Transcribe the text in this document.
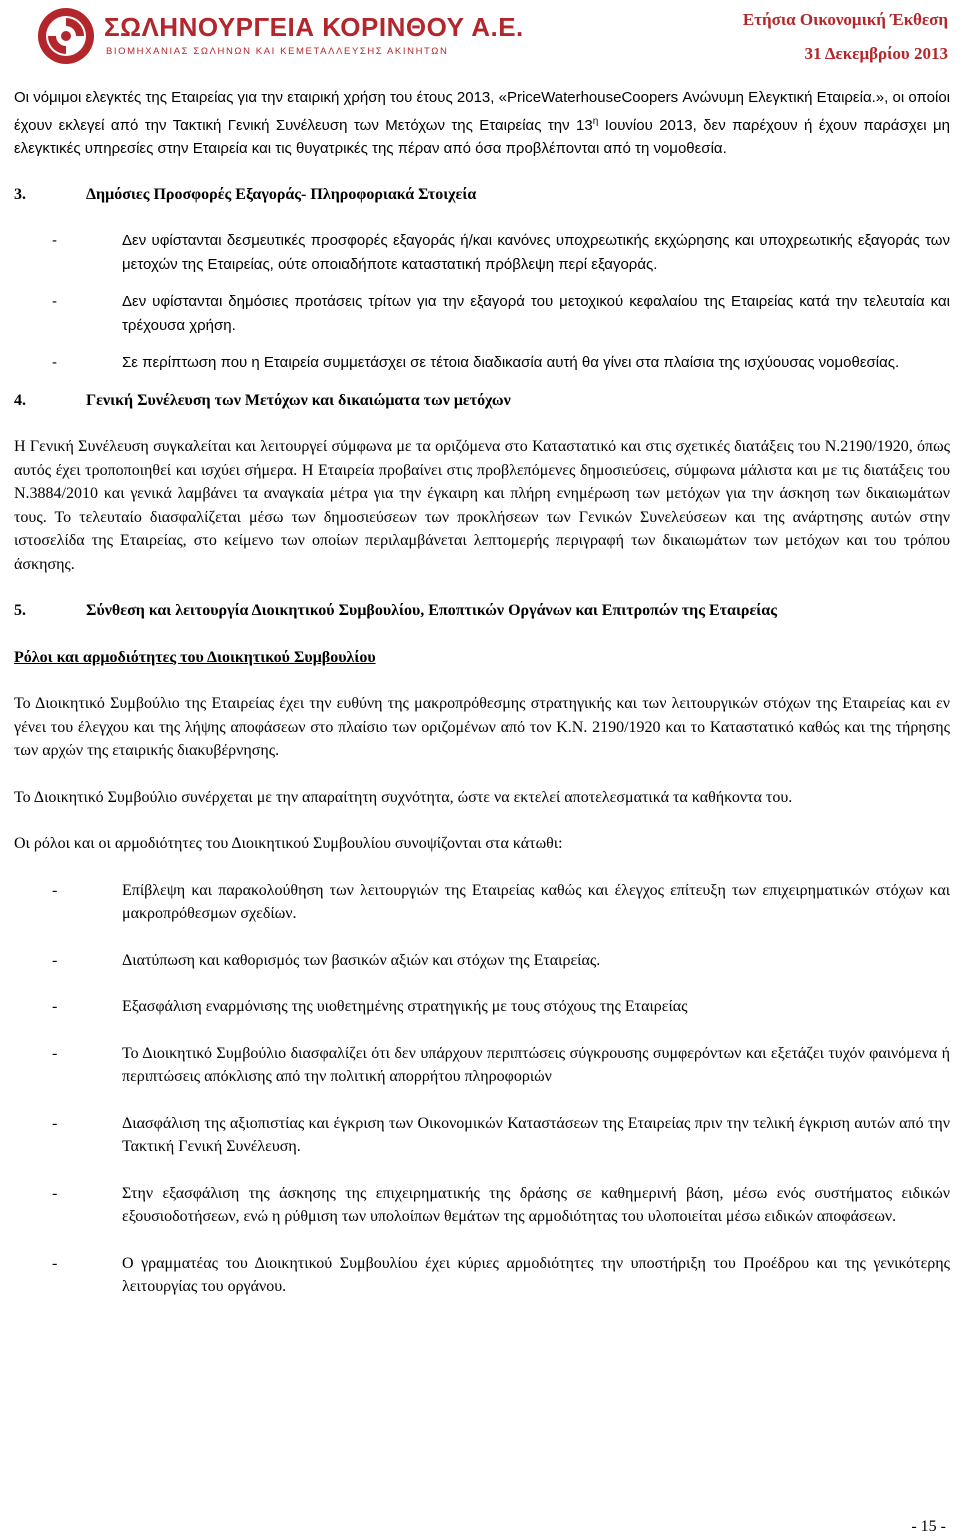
ΣΩΛΗΝΟΥΡΓΕΙΑ ΚΟΡΙΝΘΟΥ Α.Ε.
ΒΙΟΜΗΧΑΝΙΑΣ ΣΩΛΗΝΩΝ ΚΑΙ ΚΕΜΕΤΑΛΛΕΥΣΗΣ ΑΚΙΝΗΤΩΝ
Ετήσια Οικονομική Έκθεση
31 Δεκεμβρίου 2013

Οι νόμιμοι ελεγκτές της Εταιρείας για την εταιρική χρήση του έτους 2013, «PriceWaterhouseCoopers Ανώνυμη Ελεγκτική Εταιρεία.», οι οποίοι έχουν εκλεγεί από την Τακτική Γενική Συνέλευση των Μετόχων της Εταιρείας την $13^\eta$ Ιουνίου 2013, δεν παρέχουν ή έχουν παράσχει μη ελεγκτικές υπηρεσίες στην Εταιρεία και τις θυγατρικές της πέραν από όσα προβλέπονται από τη νομοθεσία.

3.	Δημόσιες Προσφορές Εξαγοράς- Πληροφοριακά Στοιχεία
-	Δεν υφίστανται δεσμευτικές προσφορές εξαγοράς ή/και κανόνες υποχρεωτικής εκχώρησης και υποχρεωτικής εξαγοράς των μετοχών της Εταιρείας, ούτε οποιαδήποτε καταστατική πρόβλεψη περί εξαγοράς.
-	Δεν υφίστανται δημόσιες προτάσεις τρίτων για την εξαγορά του μετοχικού κεφαλαίου της Εταιρείας κατά την τελευταία και τρέχουσα χρήση.
-	Σε περίπτωση που η Εταιρεία συμμετάσχει σε τέτοια διαδικασία αυτή θα γίνει στα πλαίσια της ισχύουσας νομοθεσίας.
4.	Γενική Συνέλευση των Μετόχων και δικαιώματα των μετόχων

Η Γενική Συνέλευση συγκαλείται και λειτουργεί σύμφωνα με τα οριζόμενα στο Καταστατικό και στις σχετικές διατάξεις του Ν.2190/1920, όπως αυτός έχει τροποποιηθεί και ισχύει σήμερα. Η Εταιρεία προβαίνει στις προβλεπόμενες δημοσιεύσεις, σύμφωνα μάλιστα και με τις διατάξεις του Ν.3884/2010 και γενικά λαμβάνει τα αναγκαία μέτρα για την έγκαιρη και πλήρη ενημέρωση των μετόχων για την άσκηση των δικαιωμάτων τους. Το τελευταίο διασφαλίζεται μέσω των δημοσιεύσεων των προκλήσεων των Γενικών Συνελεύσεων και της ανάρτησης αυτών στην ιστοσελίδα της Εταιρείας, στο κείμενο των οποίων περιλαμβάνεται λεπτομερής περιγραφή των δικαιωμάτων των μετόχων και του τρόπου άσκησης.

5.	Σύνθεση και λειτουργία Διοικητικού Συμβουλίου, Εποπτικών Οργάνων και Επιτροπών της Εταιρείας

Ρόλοι και αρμοδιότητες του Διοικητικού Συμβουλίου

Το Διοικητικό Συμβούλιο της Εταιρείας έχει την ευθύνη της μακροπρόθεσμης στρατηγικής και των λειτουργικών στόχων της Εταιρείας και εν γένει του έλεγχου και της λήψης αποφάσεων στο πλαίσιο των οριζομένων από τον Κ.Ν. 2190/1920 και το Καταστατικό καθώς και της τήρησης των αρχών της εταιρικής διακυβέρνησης.

Το Διοικητικό Συμβούλιο συνέρχεται με την απαραίτητη συχνότητα, ώστε να εκτελεί αποτελεσματικά τα καθήκοντα του.

Οι ρόλοι και οι αρμοδιότητες του Διοικητικού Συμβουλίου συνοψίζονται στα κάτωθι:

-	Επίβλεψη και παρακολούθηση των λειτουργιών της Εταιρείας καθώς και έλεγχος επίτευξη των επιχειρηματικών στόχων και μακροπρόθεσμων σχεδίων.
-	Διατύπωση και καθορισμός των βασικών αξιών και στόχων της Εταιρείας.
-	Εξασφάλιση εναρμόνισης της υιοθετημένης στρατηγικής με τους στόχους της Εταιρείας
-	Το Διοικητικό Συμβούλιο διασφαλίζει ότι δεν υπάρχουν περιπτώσεις σύγκρουσης συμφερόντων και εξετάζει τυχόν φαινόμενα ή περιπτώσεις απόκλισης από την πολιτική απορρήτου πληροφοριών
-	Διασφάλιση της αξιοπιστίας και έγκριση των Οικονομικών Καταστάσεων της Εταιρείας πριν την τελική έγκριση αυτών από την Τακτική Γενική Συνέλευση.
-	Στην εξασφάλιση της άσκησης της επιχειρηματικής της δράσης σε καθημερινή βάση, μέσω ενός συστήματος ειδικών εξουσιοδοτήσεων, ενώ η ρύθμιση των υπολοίπων θεμάτων της αρμοδιότητας του υλοποιείται μέσω ειδικών αποφάσεων.
-	Ο γραμματέας του Διοικητικού Συμβουλίου έχει κύριες αρμοδιότητες την υποστήριξη του Προέδρου και της γενικότερης λειτουργίας του οργάνου.
- 15 -
